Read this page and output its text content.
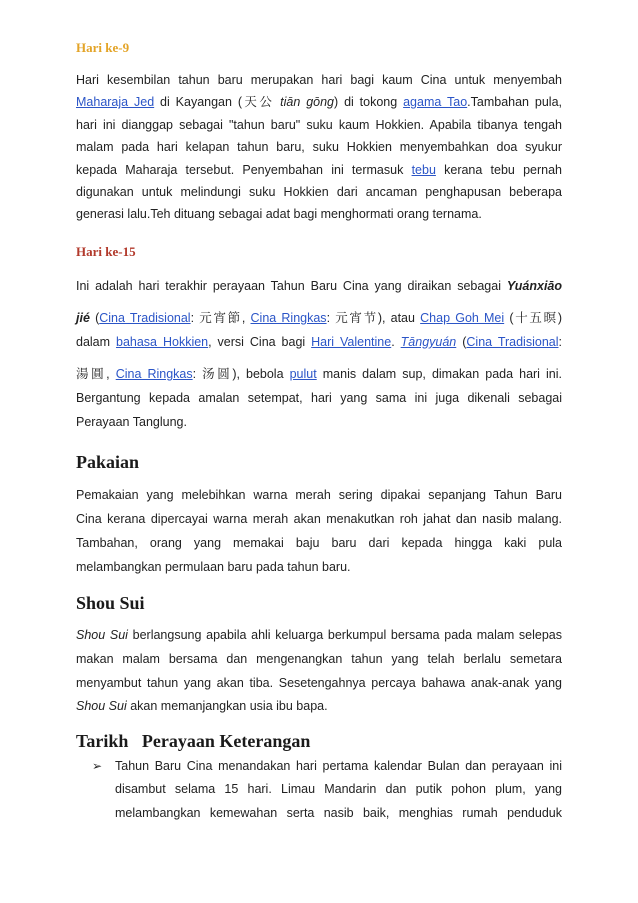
Hari ke-9
Hari kesembilan tahun baru merupakan hari bagi kaum Cina untuk menyembah
Maharaja Jed di Kayangan (天公 tiān gōng) di tokong agama Tao.Tambahan pula,
hari ini dianggap sebagai "tahun baru" suku kaum Hokkien. Apabila tibanya tengah
malam pada hari kelapan tahun baru, suku Hokkien menyembahkan doa syukur
kepada Maharaja tersebut. Penyembahan ini termasuk tebu kerana tebu pernah
digunakan untuk melindungi suku Hokkien dari ancaman penghapusan beberapa
generasi lalu.Teh dituang sebagai adat bagi menghormati orang ternama.
Hari ke-15
Ini adalah hari terakhir perayaan Tahun Baru Cina yang diraikan sebagai Yuánxiāo
jié (Cina Tradisional: 元宵節, Cina Ringkas: 元宵节), atau Chap Goh Mei (十五暝)
dalam bahasa Hokkien, versi Cina bagi Hari Valentine. Tāngyuán (Cina Tradisional:
湯圓, Cina Ringkas: 汤圆), bebola pulut manis dalam sup, dimakan pada hari ini.
Bergantung kepada amalan setempat, hari yang sama ini juga dikenali sebagai
Perayaan Tanglung.
Pakaian
Pemakaian yang melebihkan warna merah sering dipakai sepanjang Tahun Baru
Cina kerana dipercayai warna merah akan menakutkan roh jahat dan nasib malang.
Tambahan, orang yang memakai baju baru dari kepada hingga kaki pula
melambangkan permulaan baru pada tahun baru.
Shou Sui
Shou Sui berlangsung apabila ahli keluarga berkumpul bersama pada malam selepas
makan malam bersama dan mengenangkan tahun yang telah berlalu semetara
menyambut tahun yang akan tiba. Sesetengahnya percaya bahawa anak-anak yang
Shou Sui akan memanjangkan usia ibu bapa.
Tarikh   Perayaan Keterangan
➢ Tahun Baru Cina menandakan hari pertama kalendar Bulan dan perayaan ini
disambut selama 15 hari. Limau Mandarin dan putik pohon plum, yang
melambangkan kemewahan serta nasib baik, menghias rumah penduduk
